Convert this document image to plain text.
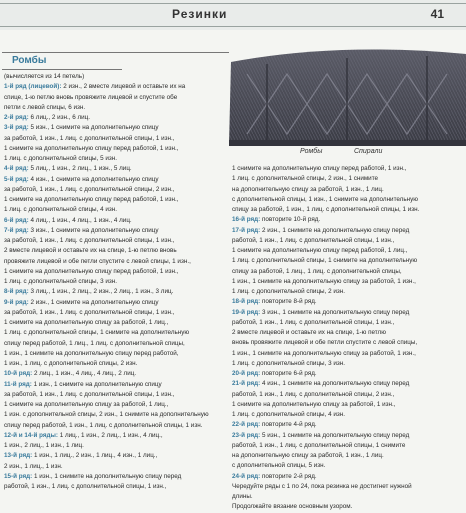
Резинки	41
Ромбы
Ромбы	Спирали

(вычисляется из 14 петель)

1-й ряд (лицевой): 2 изн., 2 вместе лицевой и оставьте их на

спице, 1-ю петлю вновь провяжите лицевой и спустите обе

петли с левой спицы, 6 изн.

2-й ряд: 6 лиц., 2 изн., 6 лиц.

3-й ряд: 5 изн., 1 снимите на дополнительную спицу

за работой, 1 изн., 1 лиц. с дополнительной спицы, 1 изн.,

1 снимите на дополнительную спицу перед работой, 1 изн.,

1 лиц. с дополнительной спицы, 5 изн.

4-й ряд: 5 лиц., 1 изн., 2 лиц., 1 изн., 5 лиц.

5-й ряд: 4 изн., 1 снимите на дополнительную спицу

за работой, 1 изн., 1 лиц. с дополнительной спицы, 2 изн.,

1 снимите на дополнительную спицу перед работой, 1 изн.,

1 лиц. с дополнительной спицы, 4 изн.

6-й ряд: 4 лиц., 1 изн., 4 лиц., 1 изн., 4 лиц.

7-й ряд: 3 изн., 1 снимите на дополнительную спицу

за работой, 1 изн., 1 лиц. с дополнительной спицы, 1 изн.,

2 вместе лицевой и оставьте их на спице, 1-ю петлю вновь

провяжите лицевой и обе петли спустите с левой спицы, 1 изн.,

1 снимите на дополнительную спицу перед работой, 1 изн.,

1 лиц. с дополнительной спицы, 3 изн.

8-й ряд: 3 лиц., 1 изн., 2 лиц., 2 изн., 2 лиц., 1 изн., 3 лиц.

9-й ряд: 2 изн., 1 снимите на дополнительную спицу

за работой, 1 изн., 1 лиц. с дополнительной спицы, 1 изн.,

1 снимите на дополнительную спицу за работой, 1 лиц.,

1 лиц. с дополнительной спицы, 1 снимите на дополнительную

спицу перед работой, 1 лиц., 1 лиц. с дополнительной спицы,

1 изн., 1 снимите на дополнительную спицу перед работой,

1 изн., 1 лиц. с дополнительной спицы, 2 изн.

10-й ряд: 2 лиц., 1 изн., 4 лиц., 4 лиц., 2 лиц.

11-й ряд: 1 изн., 1 снимите на дополнительную спицу

за работой, 1 изн., 1 лиц. с дополнительной спицы, 1 изн.,

1 снимите на дополнительную спицу за работой, 1 лиц.,

1 изн. с дополнительной спицы, 2 изн., 1 снимите на дополнительную

спицу перед работой, 1 изн., 1 лиц. с дополнительной спицы, 1 изн.

12-й и 14-й ряды: 1 лиц., 1 изн., 2 лиц., 1 изн., 4 лиц.,

1 изн., 2 лиц., 1 изн., 1 лиц.

13-й ряд: 1 изн., 1 лиц., 2 изн., 1 лиц., 4 изн., 1 лиц.,

2 изн., 1 лиц., 1 изн.

15-й ряд: 1 изн., 1 снимите на дополнительную спицу перед

работой, 1 изн., 1 лиц. с дополнительной спицы, 1 изн.,

1 снимите на дополнительную спицу перед работой, 1 изн.,

1 лиц. с дополнительной спицы, 2 изн., 1 снимите

на дополнительную спицу за работой, 1 изн., 1 лиц.

с дополнительной спицы, 1 изн., 1 снимите на дополнительную

спицу за работой, 1 изн., 1 лиц. с дополнительной спицы, 1 изн.

16-й ряд: повторите 10-й ряд.

17-й ряд: 2 изн., 1 снимите на дополнительную спицу перед

работой, 1 изн., 1 лиц. с дополнительной спицы, 1 изн.,

1 снимите на дополнительную спицу перед работой, 1 лиц.,

1 лиц. с дополнительной спицы, 1 снимите на дополнительную

спицу за работой, 1 лиц., 1 лиц. с дополнительной спицы,

1 изн., 1 снимите на дополнительную спицу за работой, 1 изн.,

1 лиц. с дополнительной спицы, 2 изн.

18-й ряд: повторите 8-й ряд.

19-й ряд: 3 изн., 1 снимите на дополнительную спицу перед

работой, 1 изн., 1 лиц. с дополнительной спицы, 1 изн.,

2 вместе лицевой и оставьте их на спице, 1-ю петлю

вновь провяжите лицевой и обе петли спустите с левой спицы,

1 изн., 1 снимите на дополнительную спицу за работой, 1 изн.,

1 лиц. с дополнительной спицы, 3 изн.

20-й ряд: повторите 6-й ряд.

21-й ряд: 4 изн., 1 снимите на дополнительную спицу перед

работой, 1 изн., 1 лиц. с дополнительной спицы, 2 изн.,

1 снимите на дополнительную спицу за работой, 1 изн.,

1 лиц. с дополнительной спицы, 4 изн.

22-й ряд: повторите 4-й ряд.

23-й ряд: 5 изн., 1 снимите на дополнительную спицу перед

работой, 1 изн., 1 лиц. с дополнительной спицы, 1 снимите

на дополнительную спицу за работой, 1 изн., 1 лиц.

с дополнительной спицы, 5 изн.

24-й ряд: повторите 2-й ряд.

Чередуйте ряды с 1 по 24, пока резинка не достигнет нужной

длины.

Продолжайте вязание основным узором.
